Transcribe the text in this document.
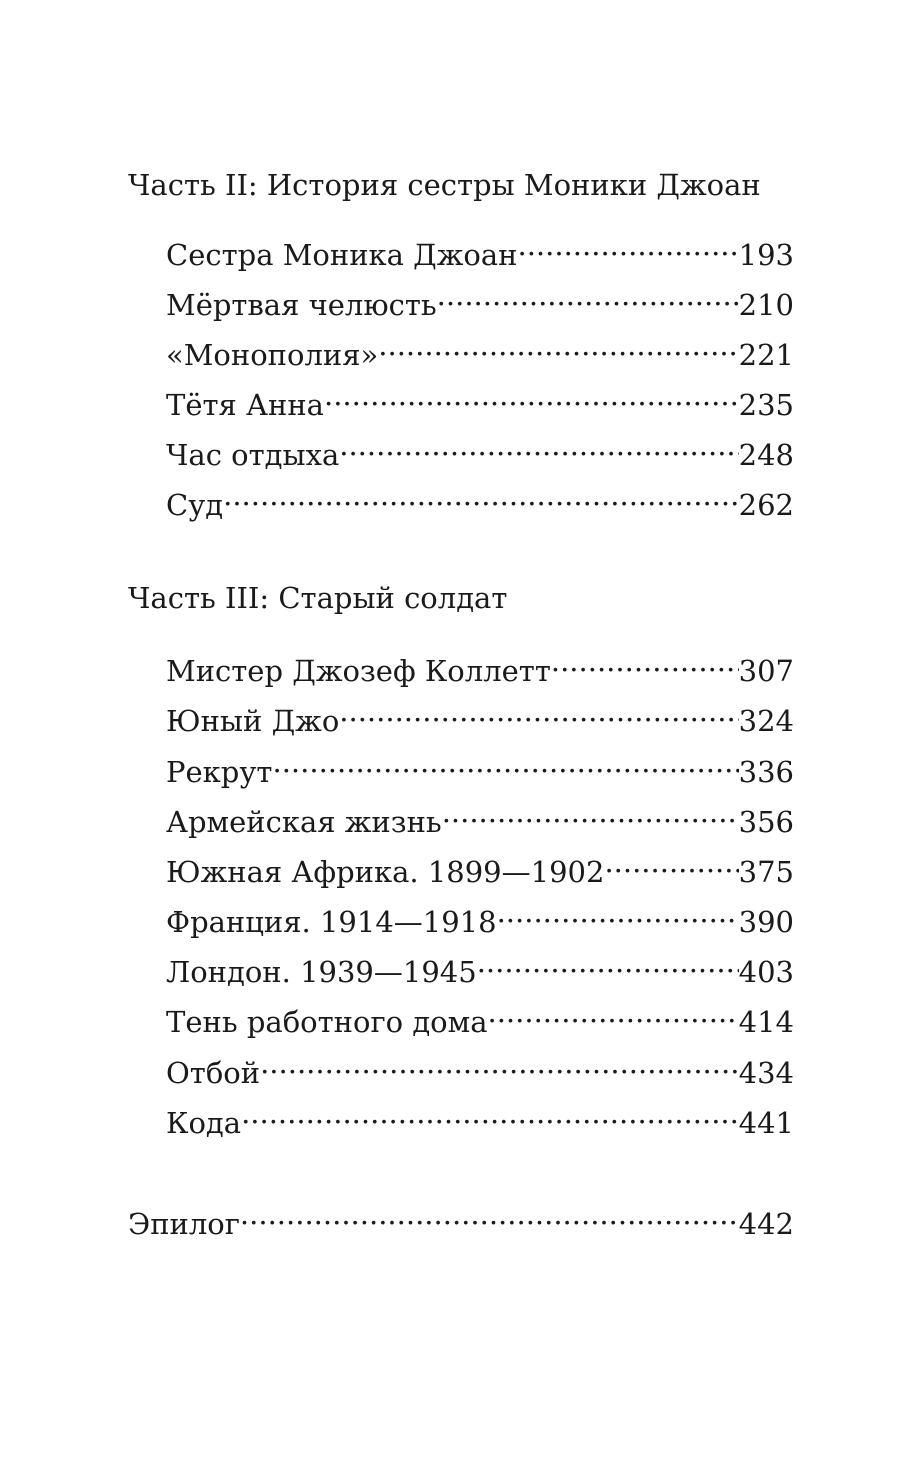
Часть II: История сестры Моники Джоан
Сестра Моника Джоан .....	193
Мёртвая челюсть .....	210
«Монополия» .....	221
Тётя Анна .....	235
Час отдыха .....	248
Суд .....	262
Часть III: Старый солдат
Мистер Джозеф Коллетт .....	307
Юный Джо .....	324
Рекрут .....	336
Армейская жизнь .....	356
Южная Африка. 1899—1902 .....	375
Франция. 1914—1918 .....	390
Лондон. 1939—1945 .....	403
Тень работного дома .....	414
Отбой .....	434
Кода .....	441
Эпилог .....	442
